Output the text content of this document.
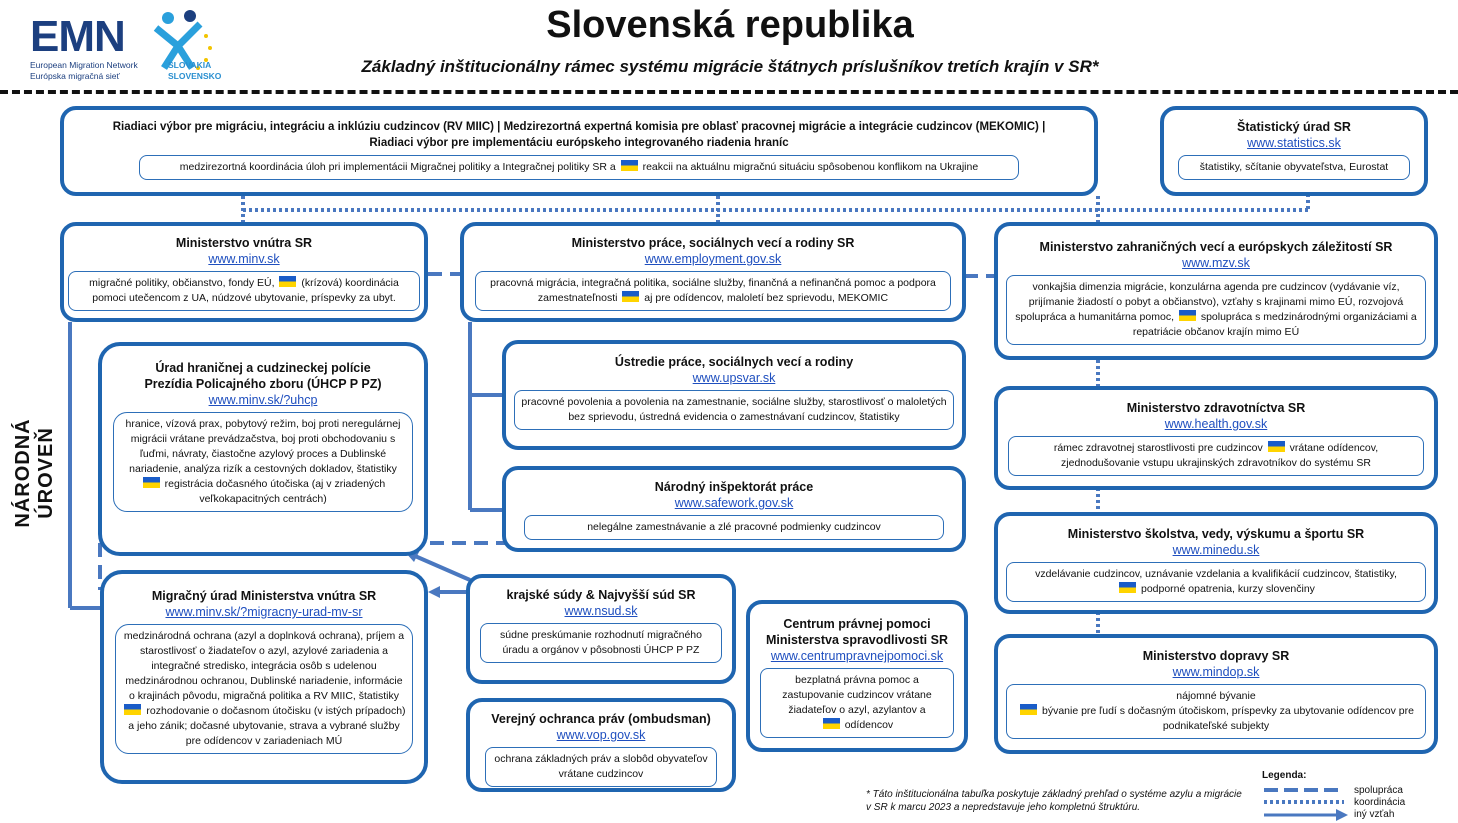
EMN
European Migration Network
Európska migračná sieť
SLOVAKIA
SLOVENSKO
Slovenská republika
Základný inštitucionálny rámec systému migrácie štátnych príslušníkov tretích krajín v SR*
NÁRODNÁ ÚROVEŇ
Riadiaci výbor pre migráciu, integráciu a inklúziu cudzincov (RV MIIC) | Medzirezortná expertná komisia pre oblasť pracovnej migrácie a integrácie cudzincov (MEKOMIC) |
Riadiaci výbor pre implementáciu európskeho integrovaného riadenia hraníc
medzirezortná koordinácia úloh pri implementácii Migračnej politiky a Integračnej politiky SR a	reakcii na aktuálnu migračnú situáciu spôsobenou konflikom na Ukrajine
Štatistický úrad SR
www.statistics.sk
štatistiky, sčítanie obyvateľstva, Eurostat
Ministerstvo vnútra SR
www.minv.sk
migračné politiky, občianstvo, fondy EÚ,	(krízová) koordinácia pomoci utečencom z UA, núdzové ubytovanie, príspevky za ubyt.
Ministerstvo práce, sociálnych vecí a rodiny SR
www.employment.gov.sk
pracovná migrácia, integračná politika, sociálne služby, finančná a nefinančná pomoc a podpora zamestnateľnosti	aj pre odídencov, maloletí bez sprievodu, MEKOMIC
Ministerstvo zahraničných vecí a európskych záležitostí SR
www.mzv.sk
vonkajšia dimenzia migrácie, konzulárna agenda pre cudzincov (vydávanie víz, prijímanie žiadostí o pobyt a občianstvo), vzťahy s krajinami mimo EÚ, rozvojová spolupráca a humanitárna pomoc,	spolupráca s medzinárodnými organizáciami a repatriácie občanov krajín mimo EÚ
Úrad hraničnej a cudzineckej polície
Prezídia Policajného zboru (ÚHCP P PZ)
www.minv.sk/?uhcp
hranice, vízová prax, pobytový režim, boj proti neregulárnej migrácii vrátane prevádzačstva, boj proti obchodovaniu s ľuďmi, návraty, čiastočne azylový proces a Dublinské nariadenie, analýza rizík a cestovných dokladov, štatistiky
registrácia dočasného útočiska (aj v zriadených veľkokapacitných centrách)
Ústredie práce, sociálnych vecí a rodiny
www.upsvar.sk
pracovné povolenia a povolenia na zamestnanie, sociálne služby, starostlivosť o maloletých bez sprievodu, ústredná evidencia o zamestnávaní cudzincov, štatistiky
Národný inšpektorát práce
www.safework.gov.sk
nelegálne zamestnávanie a zlé pracovné podmienky cudzincov
Ministerstvo zdravotníctva SR
www.health.gov.sk
rámec zdravotnej starostlivosti pre cudzincov	vrátane odídencov, zjednodušovanie vstupu ukrajinských zdravotníkov do systému SR
Ministerstvo školstva, vedy, výskumu a športu SR
www.minedu.sk
vzdelávanie cudzincov, uznávanie vzdelania a kvalifikácií cudzincov, štatistiky,
podporné opatrenia, kurzy slovenčiny
Migračný úrad Ministerstva vnútra SR
www.minv.sk/?migracny-urad-mv-sr
medzinárodná ochrana (azyl a doplnková ochrana), príjem a starostlivosť o žiadateľov o azyl, azylové zariadenia a integračné stredisko, integrácia osôb s udelenou medzinárodnou ochranou, Dublinské nariadenie, informácie o krajinách pôvodu, migračná politika a RV MIIC, štatistiky
rozhodovanie o dočasnom útočisku (v istých prípadoch) a jeho zánik; dočasné ubytovanie, strava a vybrané služby pre odídencov v zariadeniach MÚ
krajské súdy & Najvyšší súd SR
www.nsud.sk
súdne preskúmanie rozhodnutí migračného úradu a orgánov v pôsobnosti ÚHCP P PZ
Centrum právnej pomoci
Ministerstva spravodlivosti SR
www.centrumpravnejpomoci.sk
bezplatná právna pomoc a zastupovanie cudzincov vrátane žiadateľov o azyl, azylantov a
odídencov
Ministerstvo dopravy SR
www.mindop.sk
nájomné bývanie
bývanie pre ľudí s dočasným útočiskom, príspevky za ubytovanie odídencov pre podnikateľské subjekty
Verejný ochranca práv (ombudsman)
www.vop.gov.sk
ochrana základných práv a slobôd obyvateľov vrátane cudzincov
* Táto inštitucionálna tabuľka poskytuje základný prehľad o systéme azylu a migrácie v SR k marcu 2023 a nepredstavuje jeho kompletnú štruktúru.
Legenda:
spolupráca
koordinácia
iný vzťah
